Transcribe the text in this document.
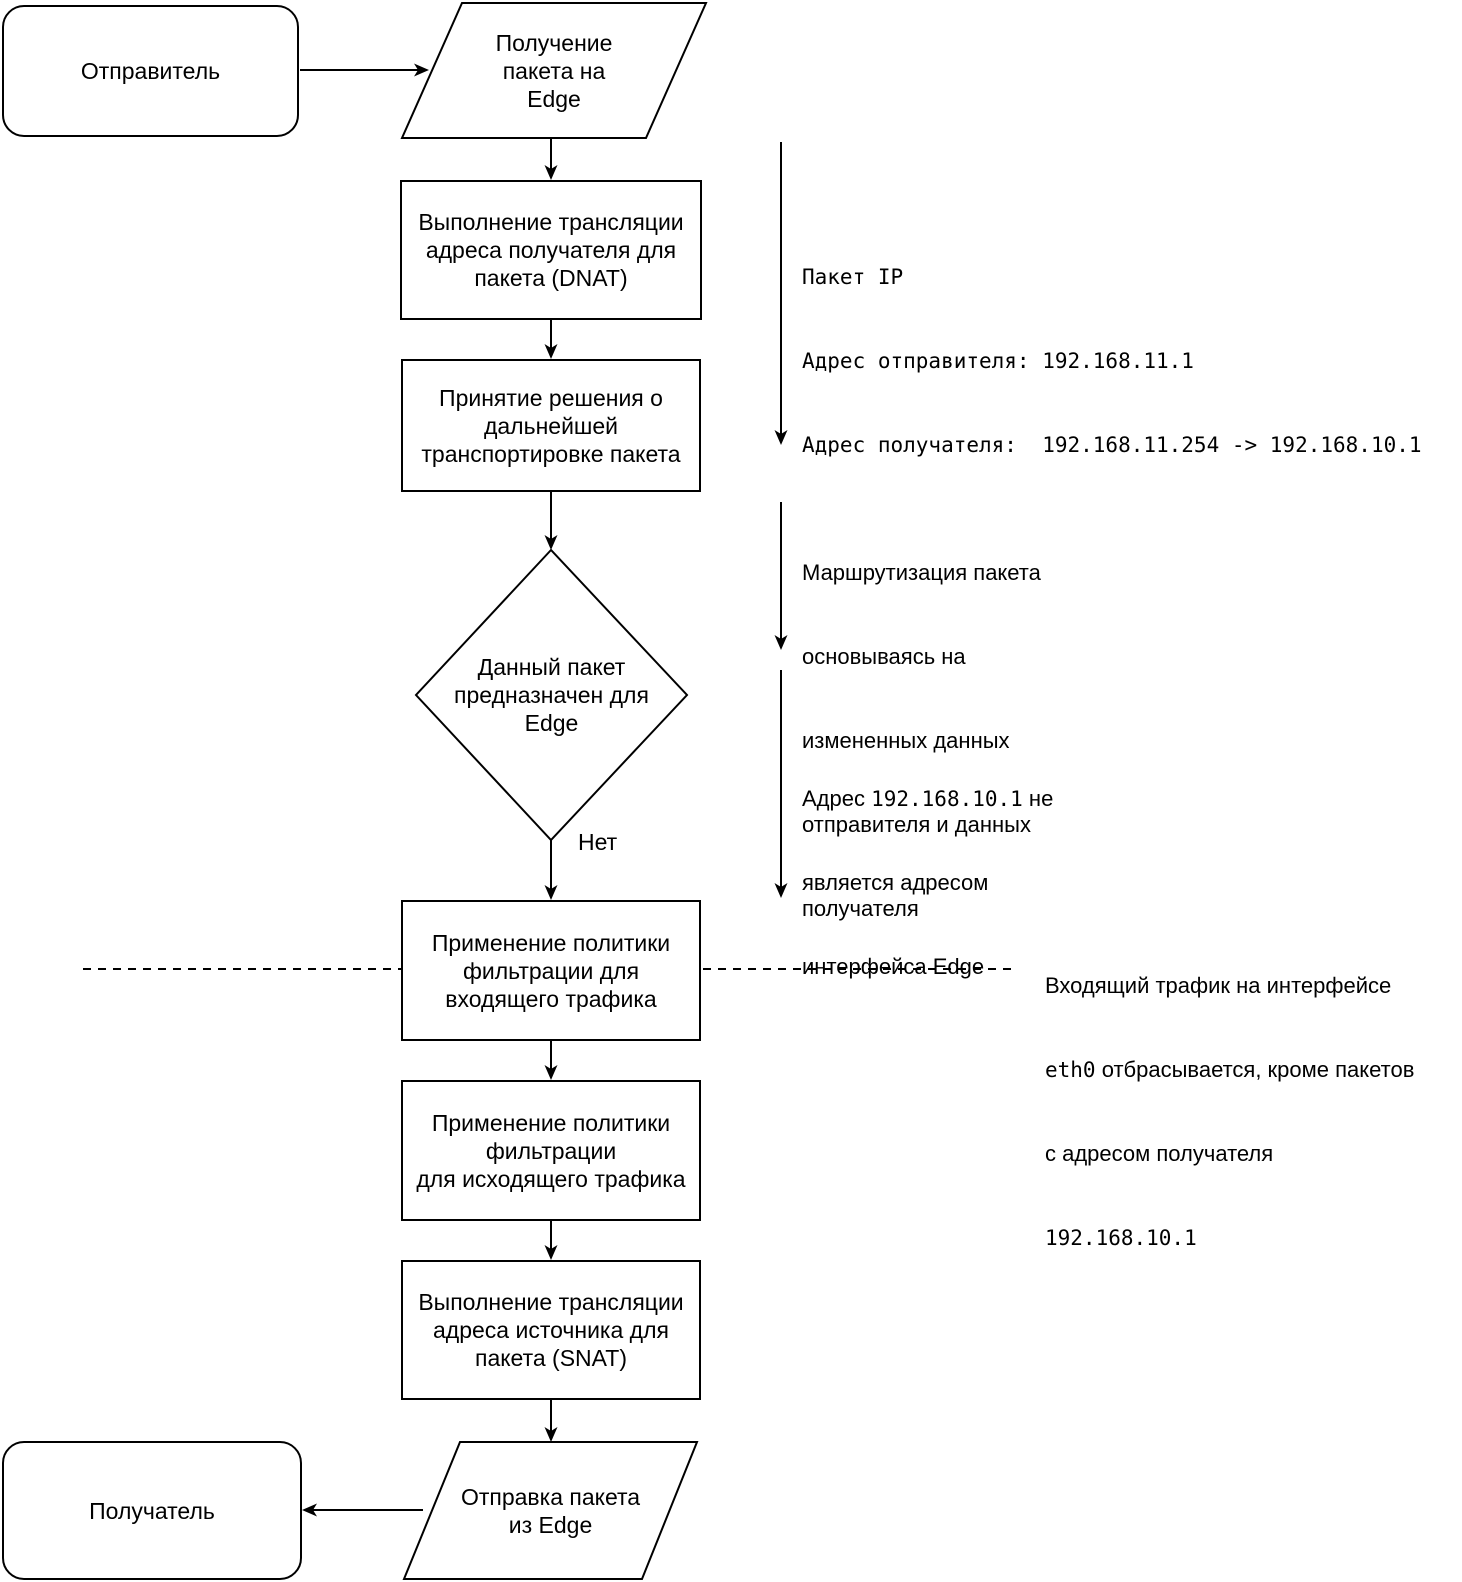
Отправитель
Получатель
Получение
пакета на
Edge
Отправка пакета
из Edge
Выполнение трансляции
адреса получателя для
пакета (DNAT)
Принятие решения о
дальнейшей
транспортировке пакета
Данный пакет
предназначен для
Edge
Нет
Применение политики
фильтрации для
входящего трафика
Применение политики
фильтрации
для исходящего трафика
Выполнение трансляции
адреса источника для
пакета (SNAT)

Пакет IP

Адрес отправителя: 192.168.11.1

Адрес получателя:  192.168.11.254 -> 192.168.10.1

Маршрутизация пакета

основываясь на

измененных данных

отправителя и данных

получателя

Адрес 192.168.10.1 не

является адресом

интерфейса Edge

Входящий трафик на интерфейсе

eth0 отбрасывается, кроме пакетов

с адресом получателя

192.168.10.1
